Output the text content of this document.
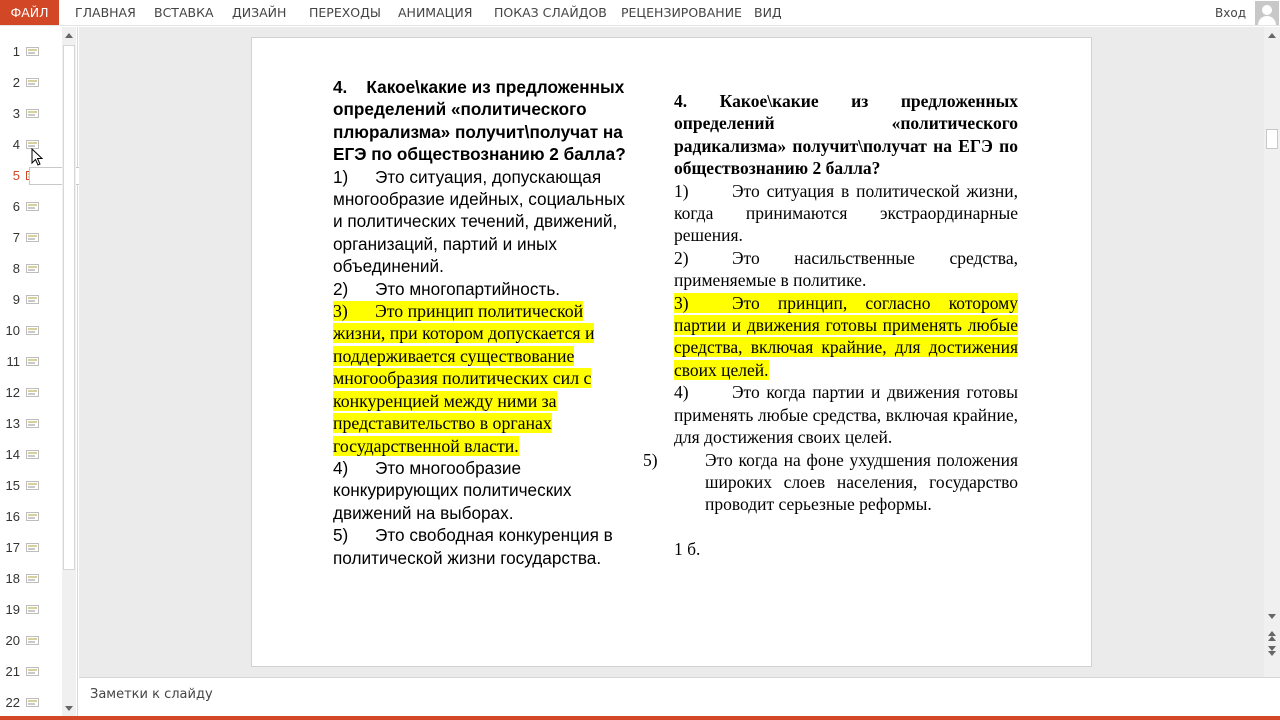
ФАЙЛ	ГЛАВНАЯ ВСТАВКА ДИЗАЙН ПЕРЕХОДЫ АНИМАЦИЯ ПОКАЗ СЛАЙДОВ РЕЦЕНЗИРОВАНИЕ ВИД	Вход
1
2
3
4
5
6
7
8
9
10
11
12
13
14
15
16
17
18
19
20
21
22
4.    Какое\какие из предложенных определений «политического плюрализма» получит\получат на ЕГЭ по обществознанию 2 балла?
1) Это ситуация, допускающая многообразие идейных, социальных и политических течений, движений, организаций, партий и иных объединений.
2) Это многопартийность.
3) Это принцип политической жизни, при котором допускается и поддерживается существование многообразия политических сил с конкуренцией между ними за представительство в органах государственной власти.
4) Это многообразие конкурирующих политических движений на выборах.
5) Это свободная конкуренция в политической жизни государства.

4. Какое\какие из предложенных определений «политического радикализма» получит\получат на ЕГЭ по обществознанию 2 балла?

1) Это ситуация в политической жизни, когда принимаются экстраординарные решения.

2) Это насильственные средства, применяемые в политике.

3) Это принцип, согласно которому партии и движения готовы применять любые средства, включая крайние, для достижения своих целей.

4) Это когда партии и движения готовы применять любые средства, включая крайние, для достижения своих целей.

5)	Это когда на фоне ухудшения положения широких слоев населения, государство проводит серьезные реформы.

1 б.

Заметки к слайду
